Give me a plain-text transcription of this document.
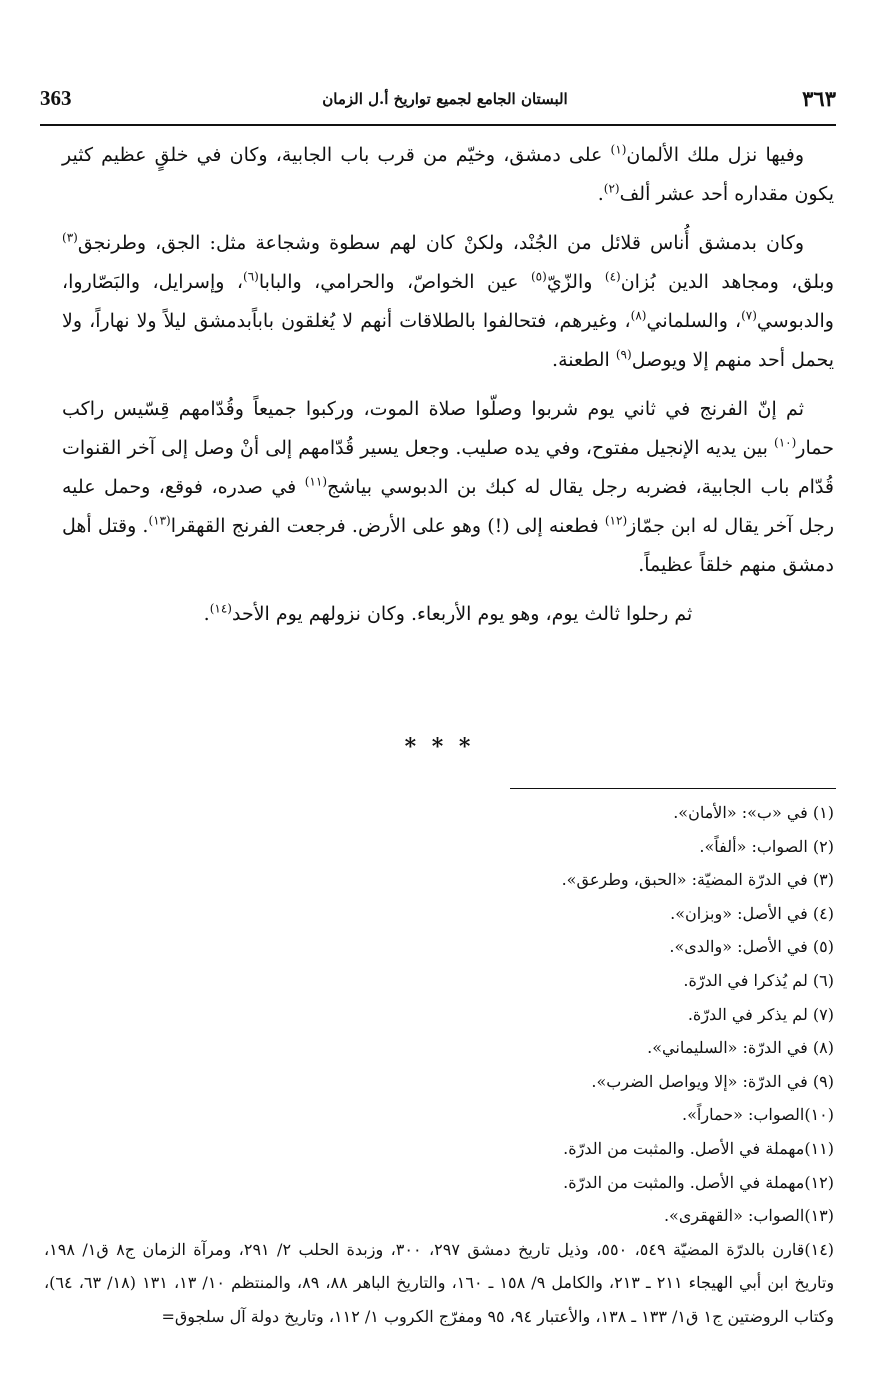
363	البستان الجامع لجميع تواريخ أ.ل الزمان	٣٦٣

وفيها نزل ملك الألمان$^{(١)}$ على دمشق، وخيّم من قرب باب الجابية، وكان في خلقٍ عظيم كثير يكون مقداره أحد عشر ألف$^{(٢)}$.

وكان بدمشق أُناس قلائل من الجُنْد، ولكنْ كان لهم سطوة وشجاعة مثل: الجق، وطرنجق$^{(٣)}$ وبلق، ومجاهد الدين بُزان$^{(٤)}$ والزّيّ$^{(٥)}$ عين الخواصّ، والحرامي، والبابا$^{(٦)}$، وإسرايل، والبَصّاروا، والدبوسي$^{(٧)}$، والسلماني$^{(٨)}$، وغيرهم، فتحالفوا بالطلاقات أنهم لا يُغلقون باباًبدمشق ليلاً ولا نهاراً، ولا يحمل أحد منهم إلا ويوصل$^{(٩)}$ الطعنة.

ثم إنّ الفرنج في ثاني يوم شربوا وصلّوا صلاة الموت، وركبوا جميعاً وقُدّامهم قِسّيس راكب حمار$^{(١٠)}$ بين يديه الإنجيل مفتوح، وفي يده صليب. وجعل يسير قُدّامهم إلى أنْ وصل إلى آخر القنوات قُدّام باب الجابية، فضربه رجل يقال له كبك بن الدبوسي بياشج$^{(١١)}$ في صدره، فوقع، وحمل عليه رجل آخر يقال له ابن جمّاز$^{(١٢)}$ فطعنه إلى (!) وهو على الأرض. فرجعت الفرنج القهقرا$^{(١٣)}$. وقتل أهل دمشق منهم خلقاً عظيماً.

ثم رحلوا ثالث يوم، وهو يوم الأربعاء. وكان نزولهم يوم الأحد$^{(١٤)}$.

* * *
(١) في «ب»: «الأمان».
(٢) الصواب: «ألفاً».
(٣) في الدرّة المضيّة: «الحبق، وطرعق».
(٤) في الأصل: «وبزان».
(٥) في الأصل: «والدى».
(٦) لم يُذكرا في الدرّة.
(٧) لم يذكر في الدرّة.
(٨) في الدرّة: «السليماني».
(٩) في الدرّة: «إلا ويواصل الضرب».
(١٠)الصواب: «حماراً».
(١١)مهملة في الأصل. والمثبت من الدرّة.
(١٢)مهملة في الأصل. والمثبت من الدرّة.
(١٣)الصواب: «القهقرى».
(١٤)قارن بالدرّة المضيّة ٥٤٩، ٥٥٠، وذيل تاريخ دمشق ٢٩٧، ٣٠٠، وزبدة الحلب ٢/ ٢٩١، ومرآة الزمان ج٨ ق١/ ١٩٨، وتاريخ ابن أبي الهيجاء ٢١١ ـ ٢١٣، والكامل ٩/ ١٥٨ ـ ١٦٠، والتاريخ الباهر ٨٨، ٨٩، والمنتظم ١٠/ ١٣، ١٣١ (١٨/ ٦٣، ٦٤)، وكتاب الروضتين ج١ ق١/ ١٣٣ ـ ١٣٨، والأعتبار ٩٤، ٩٥ ومفرّج الكروب ١/ ١١٢، وتاريخ دولة آل سلجوق=
